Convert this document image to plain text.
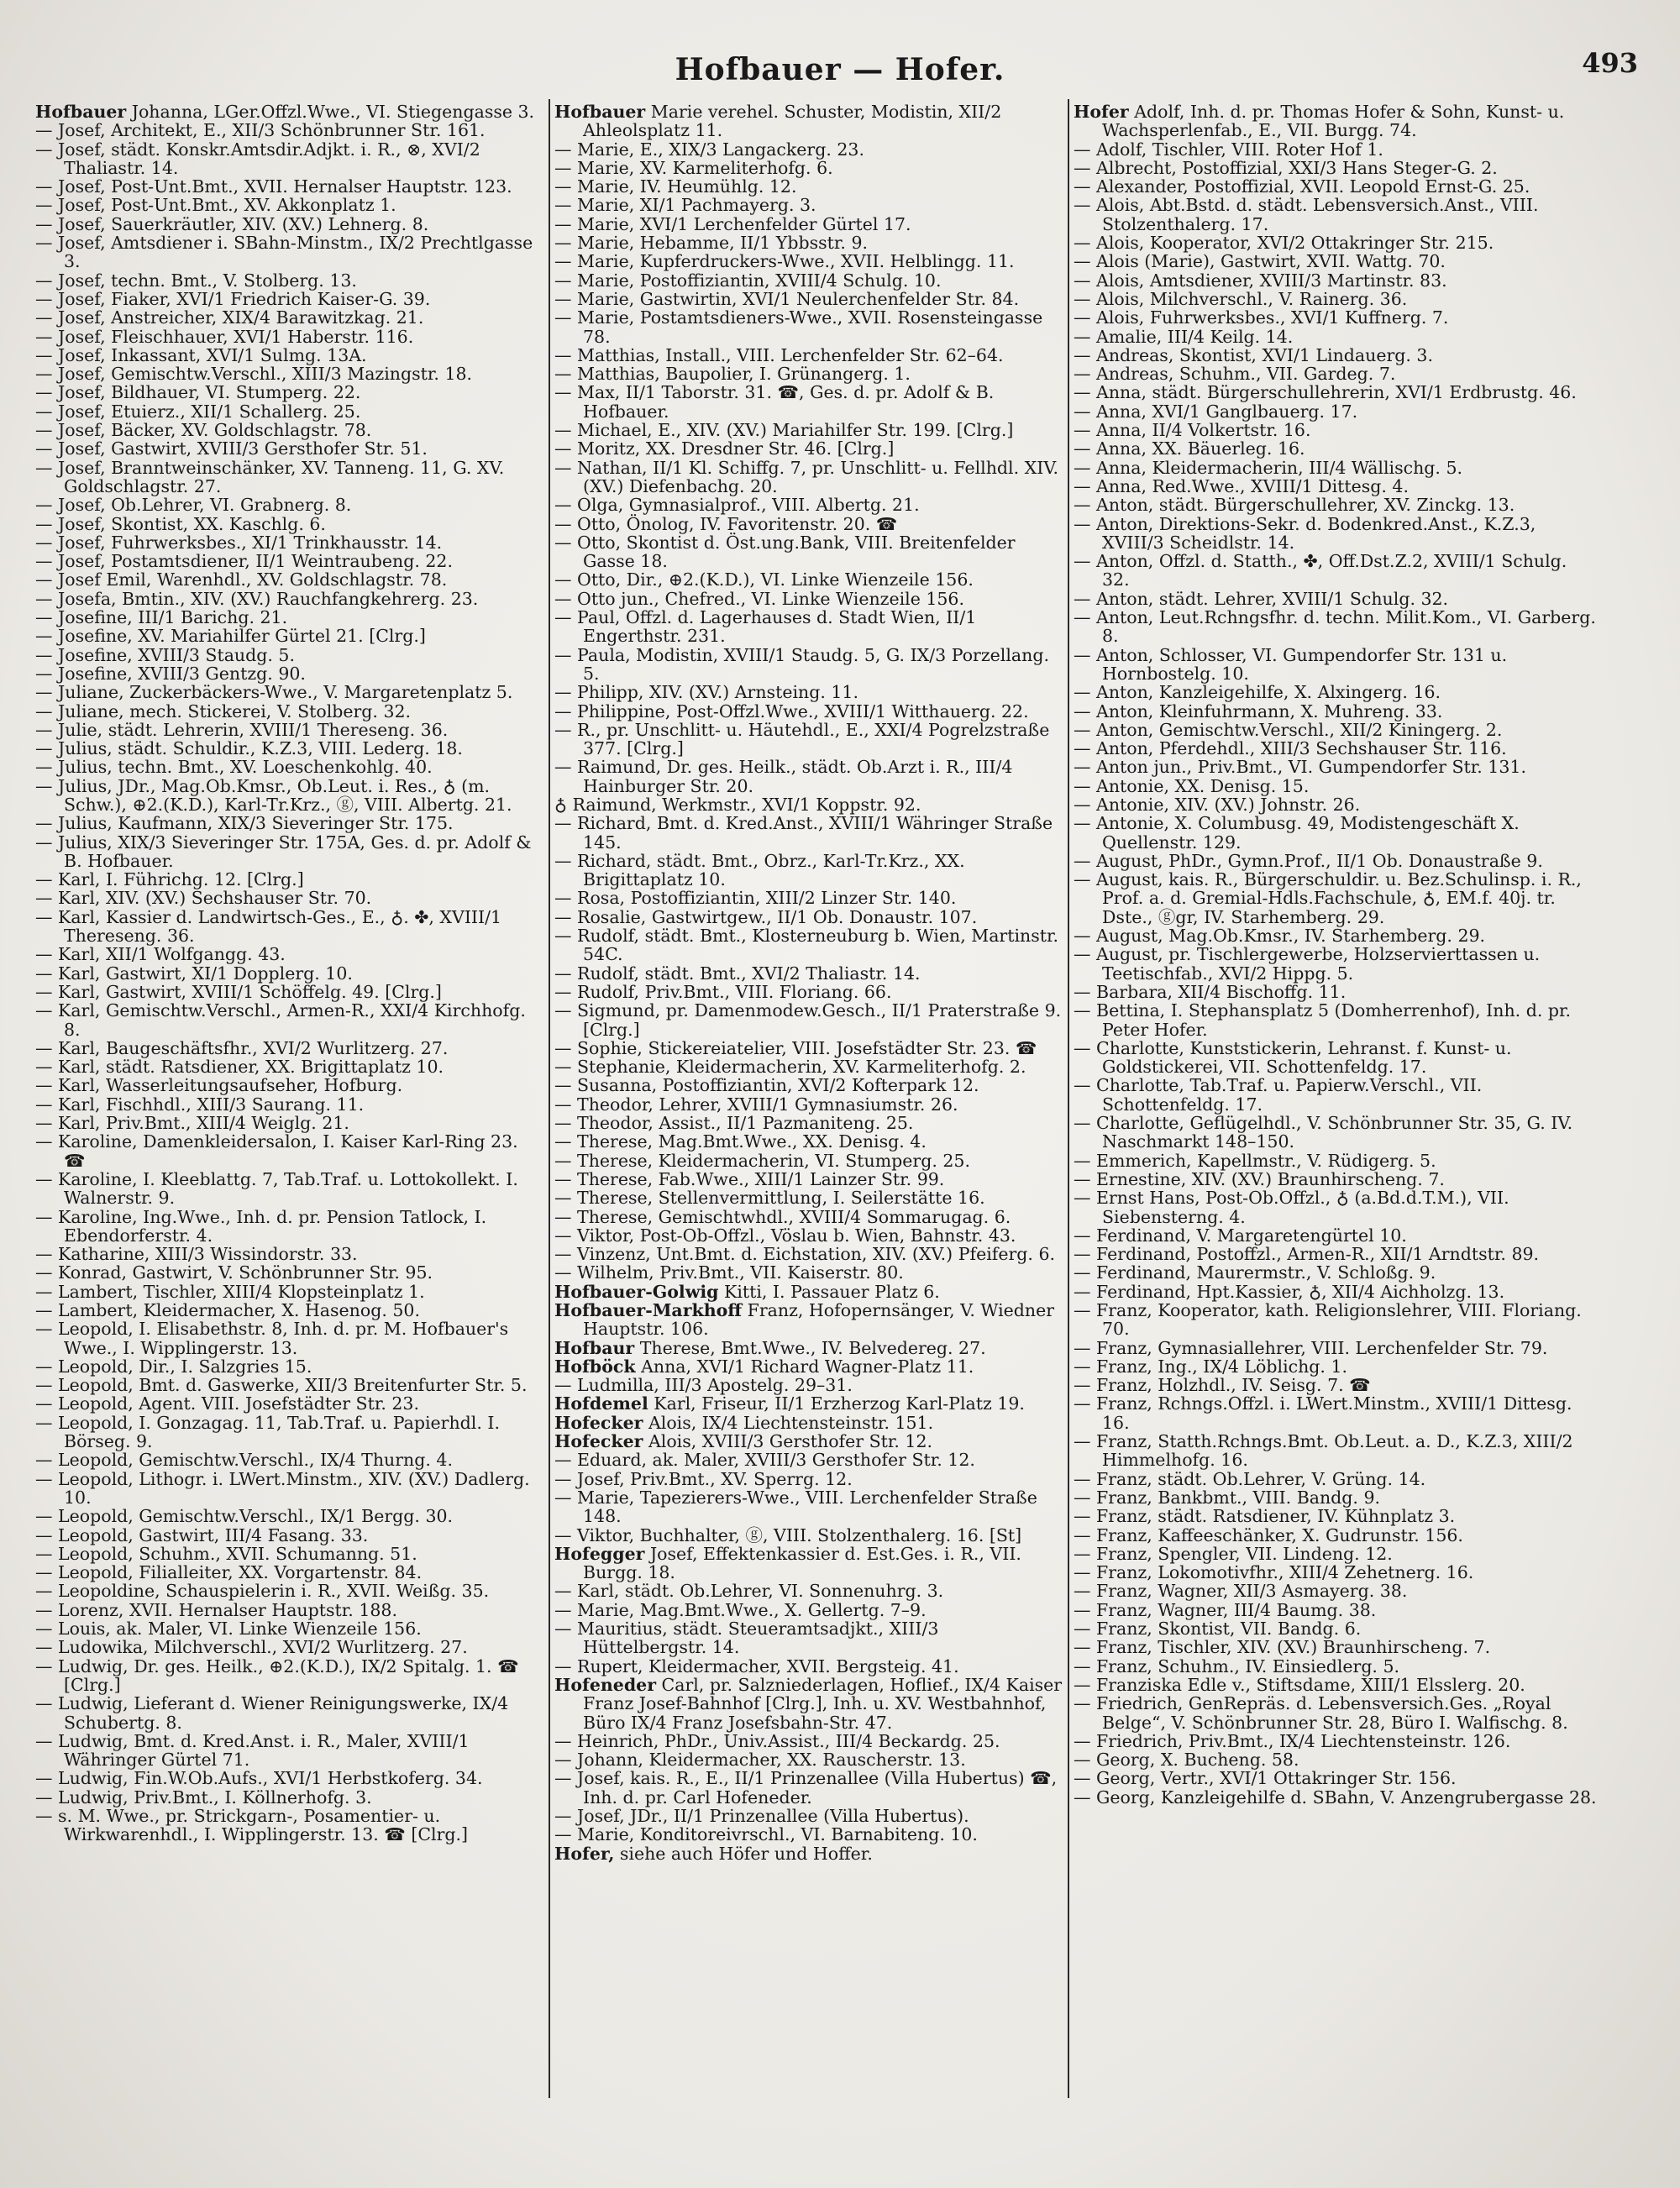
Hofbauer — Hofer.	493

Hofbauer Johanna, LGer.Offzl.Wwe., VI. Stiegengasse 3.

— Josef, Architekt, E., XII/3 Schönbrunner Str. 161.

— Josef, städt. Konskr.Amtsdir.Adjkt. i. R., ⊗, XVI/2 Thaliastr. 14.

— Josef, Post-Unt.Bmt., XVII. Hernalser Hauptstr. 123.

— Josef, Post-Unt.Bmt., XV. Akkonplatz 1.

— Josef, Sauerkräutler, XIV. (XV.) Lehnerg. 8.

— Josef, Amtsdiener i. SBahn-Minstm., IX/2 Prechtlgasse 3.

— Josef, techn. Bmt., V. Stolberg. 13.

— Josef, Fiaker, XVI/1 Friedrich Kaiser-G. 39.

— Josef, Anstreicher, XIX/4 Barawitzkag. 21.

— Josef, Fleischhauer, XVI/1 Haberstr. 116.

— Josef, Inkassant, XVI/1 Sulmg. 13A.

— Josef, Gemischtw.Verschl., XIII/3 Mazingstr. 18.

— Josef, Bildhauer, VI. Stumperg. 22.

— Josef, Etuierz., XII/1 Schallerg. 25.

— Josef, Bäcker, XV. Goldschlagstr. 78.

— Josef, Gastwirt, XVIII/3 Gersthofer Str. 51.

— Josef, Branntweinschänker, XV. Tanneng. 11, G. XV. Goldschlagstr. 27.

— Josef, Ob.Lehrer, VI. Grabnerg. 8.

— Josef, Skontist, XX. Kaschlg. 6.

— Josef, Fuhrwerksbes., XI/1 Trinkhausstr. 14.

— Josef, Postamtsdiener, II/1 Weintraubeng. 22.

— Josef Emil, Warenhdl., XV. Goldschlagstr. 78.

— Josefa, Bmtin., XIV. (XV.) Rauchfangkehrerg. 23.

— Josefine, III/1 Barichg. 21.

— Josefine, XV. Mariahilfer Gürtel 21. [Clrg.]

— Josefine, XVIII/3 Staudg. 5.

— Josefine, XVIII/3 Gentzg. 90.

— Juliane, Zuckerbäckers-Wwe., V. Margaretenplatz 5.

— Juliane, mech. Stickerei, V. Stolberg. 32.

— Julie, städt. Lehrerin, XVIII/1 Thereseng. 36.

— Julius, städt. Schuldir., K.Z.3, VIII. Lederg. 18.

— Julius, techn. Bmt., XV. Loeschenkohlg. 40.

— Julius, JDr., Mag.Ob.Kmsr., Ob.Leut. i. Res., ♁ (m. Schw.), ⊕2.(K.D.), Karl-Tr.Krz., ⓖ, VIII. Albertg. 21.

— Julius, Kaufmann, XIX/3 Sieveringer Str. 175.

— Julius, XIX/3 Sieveringer Str. 175A, Ges. d. pr. Adolf & B. Hofbauer.

— Karl, I. Führichg. 12. [Clrg.]

— Karl, XIV. (XV.) Sechshauser Str. 70.

— Karl, Kassier d. Landwirtsch-Ges., E., ♁. ✤, XVIII/1 Thereseng. 36.

— Karl, XII/1 Wolfgangg. 43.

— Karl, Gastwirt, XI/1 Dopplerg. 10.

— Karl, Gastwirt, XVIII/1 Schöffelg. 49. [Clrg.]

— Karl, Gemischtw.Verschl., Armen-R., XXI/4 Kirchhofg. 8.

— Karl, Baugeschäftsfhr., XVI/2 Wurlitzerg. 27.

— Karl, städt. Ratsdiener, XX. Brigittaplatz 10.

— Karl, Wasserleitungsaufseher, Hofburg.

— Karl, Fischhdl., XIII/3 Saurang. 11.

— Karl, Priv.Bmt., XIII/4 Weiglg. 21.

— Karoline, Damenkleidersalon, I. Kaiser Karl-Ring 23. ☎

— Karoline, I. Kleeblattg. 7, Tab.Traf. u. Lottokollekt. I. Walnerstr. 9.

— Karoline, Ing.Wwe., Inh. d. pr. Pension Tatlock, I. Ebendorferstr. 4.

— Katharine, XIII/3 Wissindorstr. 33.

— Konrad, Gastwirt, V. Schönbrunner Str. 95.

— Lambert, Tischler, XIII/4 Klopsteinplatz 1.

— Lambert, Kleidermacher, X. Hasenog. 50.

— Leopold, I. Elisabethstr. 8, Inh. d. pr. M. Hofbauer's Wwe., I. Wipplingerstr. 13.

— Leopold, Dir., I. Salzgries 15.

— Leopold, Bmt. d. Gaswerke, XII/3 Breitenfurter Str. 5.

— Leopold, Agent. VIII. Josefstädter Str. 23.

— Leopold, I. Gonzagag. 11, Tab.Traf. u. Papierhdl. I. Börseg. 9.

— Leopold, Gemischtw.Verschl., IX/4 Thurng. 4.

— Leopold, Lithogr. i. LWert.Minstm., XIV. (XV.) Dadlerg. 10.

— Leopold, Gemischtw.Verschl., IX/1 Bergg. 30.

— Leopold, Gastwirt, III/4 Fasang. 33.

— Leopold, Schuhm., XVII. Schumanng. 51.

— Leopold, Filialleiter, XX. Vorgartenstr. 84.

— Leopoldine, Schauspielerin i. R., XVII. Weißg. 35.

— Lorenz, XVII. Hernalser Hauptstr. 188.

— Louis, ak. Maler, VI. Linke Wienzeile 156.

— Ludowika, Milchverschl., XVI/2 Wurlitzerg. 27.

— Ludwig, Dr. ges. Heilk., ⊕2.(K.D.), IX/2 Spitalg. 1. ☎ [Clrg.]

— Ludwig, Lieferant d. Wiener Reinigungswerke, IX/4 Schubertg. 8.

— Ludwig, Bmt. d. Kred.Anst. i. R., Maler, XVIII/1 Währinger Gürtel 71.

— Ludwig, Fin.W.Ob.Aufs., XVI/1 Herbstkoferg. 34.

— Ludwig, Priv.Bmt., I. Köllnerhofg. 3.

— s. M. Wwe., pr. Strickgarn-, Posamentier- u. Wirkwarenhdl., I. Wipplingerstr. 13. ☎ [Clrg.]

Hofbauer Marie verehel. Schuster, Modistin, XII/2 Ahleolsplatz 11.

— Marie, E., XIX/3 Langackerg. 23.

— Marie, XV. Karmeliterhofg. 6.

— Marie, IV. Heumühlg. 12.

— Marie, XI/1 Pachmayerg. 3.

— Marie, XVI/1 Lerchenfelder Gürtel 17.

— Marie, Hebamme, II/1 Ybbsstr. 9.

— Marie, Kupferdruckers-Wwe., XVII. Helblingg. 11.

— Marie, Postoffiziantin, XVIII/4 Schulg. 10.

— Marie, Gastwirtin, XVI/1 Neulerchenfelder Str. 84.

— Marie, Postamtsdieners-Wwe., XVII. Rosensteingasse 78.

— Matthias, Install., VIII. Lerchenfelder Str. 62–64.

— Matthias, Baupolier, I. Grünangerg. 1.

— Max, II/1 Taborstr. 31. ☎, Ges. d. pr. Adolf & B. Hofbauer.

— Michael, E., XIV. (XV.) Mariahilfer Str. 199. [Clrg.]

— Moritz, XX. Dresdner Str. 46. [Clrg.]

— Nathan, II/1 Kl. Schiffg. 7, pr. Unschlitt- u. Fellhdl. XIV. (XV.) Diefenbachg. 20.

— Olga, Gymnasialprof., VIII. Albertg. 21.

— Otto, Önolog, IV. Favoritenstr. 20. ☎

— Otto, Skontist d. Öst.ung.Bank, VIII. Breitenfelder Gasse 18.

— Otto, Dir., ⊕2.(K.D.), VI. Linke Wienzeile 156.

— Otto jun., Chefred., VI. Linke Wienzeile 156.

— Paul, Offzl. d. Lagerhauses d. Stadt Wien, II/1 Engerthstr. 231.

— Paula, Modistin, XVIII/1 Staudg. 5, G. IX/3 Porzellang. 5.

— Philipp, XIV. (XV.) Arnsteing. 11.

— Philippine, Post-Offzl.Wwe., XVIII/1 Witthauerg. 22.

— R., pr. Unschlitt- u. Häutehdl., E., XXI/4 Pogrelzstraße 377. [Clrg.]

— Raimund, Dr. ges. Heilk., städt. Ob.Arzt i. R., III/4 Hainburger Str. 20.

♁ Raimund, Werkmstr., XVI/1 Koppstr. 92.

— Richard, Bmt. d. Kred.Anst., XVIII/1 Währinger Straße 145.

— Richard, städt. Bmt., Obrz., Karl-Tr.Krz., XX. Brigittaplatz 10.

— Rosa, Postoffiziantin, XIII/2 Linzer Str. 140.

— Rosalie, Gastwirtgew., II/1 Ob. Donaustr. 107.

— Rudolf, städt. Bmt., Klosterneuburg b. Wien, Martinstr. 54C.

— Rudolf, städt. Bmt., XVI/2 Thaliastr. 14.

— Rudolf, Priv.Bmt., VIII. Floriang. 66.

— Sigmund, pr. Damenmodew.Gesch., II/1 Praterstraße 9. [Clrg.]

— Sophie, Stickereiatelier, VIII. Josefstädter Str. 23. ☎

— Stephanie, Kleidermacherin, XV. Karmeliterhofg. 2.

— Susanna, Postoffiziantin, XVI/2 Kofterpark 12.

— Theodor, Lehrer, XVIII/1 Gymnasiumstr. 26.

— Theodor, Assist., II/1 Pazmaniteng. 25.

— Therese, Mag.Bmt.Wwe., XX. Denisg. 4.

— Therese, Kleidermacherin, VI. Stumperg. 25.

— Therese, Fab.Wwe., XIII/1 Lainzer Str. 99.

— Therese, Stellenvermittlung, I. Seilerstätte 16.

— Therese, Gemischtwhdl., XVIII/4 Sommarugag. 6.

— Viktor, Post-Ob-Offzl., Vöslau b. Wien, Bahnstr. 43.

— Vinzenz, Unt.Bmt. d. Eichstation, XIV. (XV.) Pfeiferg. 6.

— Wilhelm, Priv.Bmt., VII. Kaiserstr. 80.

Hofbauer-Golwig Kitti, I. Passauer Platz 6.

Hofbauer-Markhoff Franz, Hofopernsänger, V. Wiedner Hauptstr. 106.

Hofbaur Therese, Bmt.Wwe., IV. Belvedereg. 27.

Hofböck Anna, XVI/1 Richard Wagner-Platz 11.

— Ludmilla, III/3 Apostelg. 29–31.

Hofdemel Karl, Friseur, II/1 Erzherzog Karl-Platz 19.

Hofecker Alois, IX/4 Liechtensteinstr. 151.

Hofecker Alois, XVIII/3 Gersthofer Str. 12.

— Eduard, ak. Maler, XVIII/3 Gersthofer Str. 12.

— Josef, Priv.Bmt., XV. Sperrg. 12.

— Marie, Tapezierers-Wwe., VIII. Lerchenfelder Straße 148.

— Viktor, Buchhalter, ⓖ, VIII. Stolzenthalerg. 16. [St]

Hofegger Josef, Effektenkassier d. Est.Ges. i. R., VII. Burgg. 18.

— Karl, städt. Ob.Lehrer, VI. Sonnenuhrg. 3.

— Marie, Mag.Bmt.Wwe., X. Gellertg. 7–9.

— Mauritius, städt. Steueramtsadjkt., XIII/3 Hüttelbergstr. 14.

— Rupert, Kleidermacher, XVII. Bergsteig. 41.

Hofeneder Carl, pr. Salzniederlagen, Hoflief., IX/4 Kaiser Franz Josef-Bahnhof [Clrg.], Inh. u. XV. Westbahnhof, Büro IX/4 Franz Josefsbahn-Str. 47.

— Heinrich, PhDr., Univ.Assist., III/4 Beckardg. 25.

— Johann, Kleidermacher, XX. Rauscherstr. 13.

— Josef, kais. R., E., II/1 Prinzenallee (Villa Hubertus) ☎, Inh. d. pr. Carl Hofeneder.

— Josef, JDr., II/1 Prinzenallee (Villa Hubertus).

— Marie, Konditoreivrschl., VI. Barnabiteng. 10.

Hofer, siehe auch Höfer und Hoffer.

Hofer Adolf, Inh. d. pr. Thomas Hofer & Sohn, Kunst- u. Wachsperlenfab., E., VII. Burgg. 74.

— Adolf, Tischler, VIII. Roter Hof 1.

— Albrecht, Postoffizial, XXI/3 Hans Steger-G. 2.

— Alexander, Postoffizial, XVII. Leopold Ernst-G. 25.

— Alois, Abt.Bstd. d. städt. Lebensversich.Anst., VIII. Stolzenthalerg. 17.

— Alois, Kooperator, XVI/2 Ottakringer Str. 215.

— Alois (Marie), Gastwirt, XVII. Wattg. 70.

— Alois, Amtsdiener, XVIII/3 Martinstr. 83.

— Alois, Milchverschl., V. Rainerg. 36.

— Alois, Fuhrwerksbes., XVI/1 Kuffnerg. 7.

— Amalie, III/4 Keilg. 14.

— Andreas, Skontist, XVI/1 Lindauerg. 3.

— Andreas, Schuhm., VII. Gardeg. 7.

— Anna, städt. Bürgerschullehrerin, XVI/1 Erdbrustg. 46.

— Anna, XVI/1 Ganglbauerg. 17.

— Anna, II/4 Volkertstr. 16.

— Anna, XX. Bäuerleg. 16.

— Anna, Kleidermacherin, III/4 Wällischg. 5.

— Anna, Red.Wwe., XVIII/1 Dittesg. 4.

— Anton, städt. Bürgerschullehrer, XV. Zinckg. 13.

— Anton, Direktions-Sekr. d. Bodenkred.Anst., K.Z.3, XVIII/3 Scheidlstr. 14.

— Anton, Offzl. d. Statth., ✤, Off.Dst.Z.2, XVIII/1 Schulg. 32.

— Anton, städt. Lehrer, XVIII/1 Schulg. 32.

— Anton, Leut.Rchngsfhr. d. techn. Milit.Kom., VI. Garberg. 8.

— Anton, Schlosser, VI. Gumpendorfer Str. 131 u. Hornbostelg. 10.

— Anton, Kanzleigehilfe, X. Alxingerg. 16.

— Anton, Kleinfuhrmann, X. Muhreng. 33.

— Anton, Gemischtw.Verschl., XII/2 Kiningerg. 2.

— Anton, Pferdehdl., XIII/3 Sechshauser Str. 116.

— Anton jun., Priv.Bmt., VI. Gumpendorfer Str. 131.

— Antonie, XX. Denisg. 15.

— Antonie, XIV. (XV.) Johnstr. 26.

— Antonie, X. Columbusg. 49, Modistengeschäft X. Quellenstr. 129.

— August, PhDr., Gymn.Prof., II/1 Ob. Donaustraße 9.

— August, kais. R., Bürgerschuldir. u. Bez.Schulinsp. i. R., Prof. a. d. Gremial-Hdls.Fachschule, ♁, EM.f. 40j. tr. Dste., ⓖgr, IV. Starhemberg. 29.

— August, Mag.Ob.Kmsr., IV. Starhemberg. 29.

— August, pr. Tischlergewerbe, Holzservierttassen u. Teetischfab., XVI/2 Hippg. 5.

— Barbara, XII/4 Bischoffg. 11.

— Bettina, I. Stephansplatz 5 (Domherrenhof), Inh. d. pr. Peter Hofer.

— Charlotte, Kunststickerin, Lehranst. f. Kunst- u. Goldstickerei, VII. Schottenfeldg. 17.

— Charlotte, Tab.Traf. u. Papierw.Verschl., VII. Schottenfeldg. 17.

— Charlotte, Geflügelhdl., V. Schönbrunner Str. 35, G. IV. Naschmarkt 148–150.

— Emmerich, Kapellmstr., V. Rüdigerg. 5.

— Ernestine, XIV. (XV.) Braunhirscheng. 7.

— Ernst Hans, Post-Ob.Offzl., ♁ (a.Bd.d.T.M.), VII. Siebensterng. 4.

— Ferdinand, V. Margaretengürtel 10.

— Ferdinand, Postoffzl., Armen-R., XII/1 Arndtstr. 89.

— Ferdinand, Maurermstr., V. Schloßg. 9.

— Ferdinand, Hpt.Kassier, ♁, XII/4 Aichholzg. 13.

— Franz, Kooperator, kath. Religionslehrer, VIII. Floriang. 70.

— Franz, Gymnasiallehrer, VIII. Lerchenfelder Str. 79.

— Franz, Ing., IX/4 Löblichg. 1.

— Franz, Holzhdl., IV. Seisg. 7. ☎

— Franz, Rchngs.Offzl. i. LWert.Minstm., XVIII/1 Dittesg. 16.

— Franz, Statth.Rchngs.Bmt. Ob.Leut. a. D., K.Z.3, XIII/2 Himmelhofg. 16.

— Franz, städt. Ob.Lehrer, V. Grüng. 14.

— Franz, Bankbmt., VIII. Bandg. 9.

— Franz, städt. Ratsdiener, IV. Kühnplatz 3.

— Franz, Kaffeeschänker, X. Gudrunstr. 156.

— Franz, Spengler, VII. Lindeng. 12.

— Franz, Lokomotivfhr., XIII/4 Zehetnerg. 16.

— Franz, Wagner, XII/3 Asmayerg. 38.

— Franz, Wagner, III/4 Baumg. 38.

— Franz, Skontist, VII. Bandg. 6.

— Franz, Tischler, XIV. (XV.) Braunhirscheng. 7.

— Franz, Schuhm., IV. Einsiedlerg. 5.

— Franziska Edle v., Stiftsdame, XIII/1 Elsslerg. 20.

— Friedrich, GenRepräs. d. Lebensversich.Ges. „Royal Belge“, V. Schönbrunner Str. 28, Büro I. Walfischg. 8.

— Friedrich, Priv.Bmt., IX/4 Liechtensteinstr. 126.

— Georg, X. Bucheng. 58.

— Georg, Vertr., XVI/1 Ottakringer Str. 156.

— Georg, Kanzleigehilfe d. SBahn, V. Anzengrubergasse 28.
